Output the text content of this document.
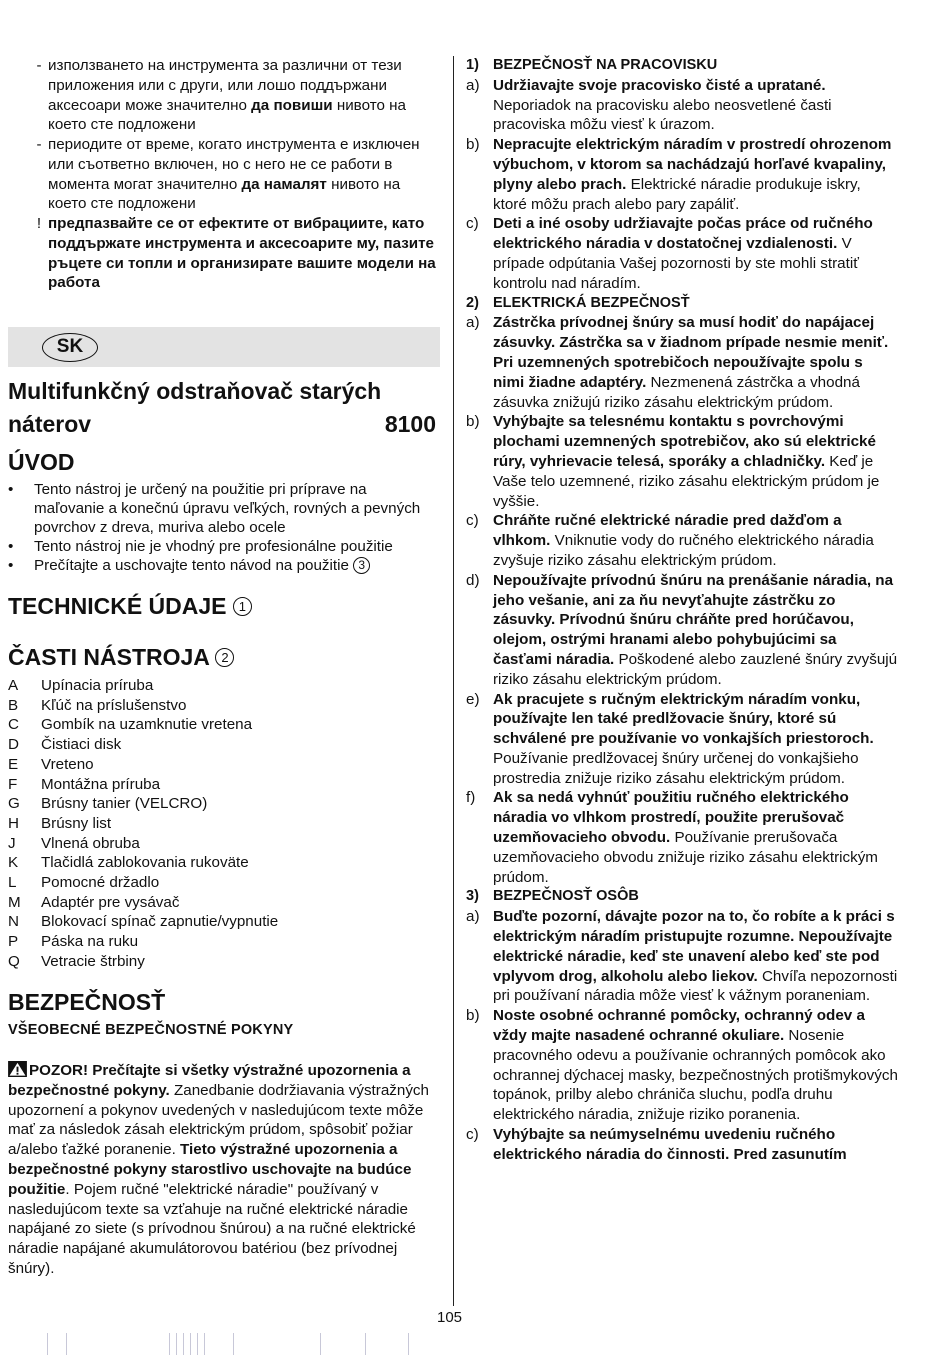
- използването на инструмента за различни от тези приложения или с други, или лошо поддържани аксесоари може значително да повиши нивото на което сте подложени
- периодите от време, когато инструмента е изключен или съответно включен, но с него не се работи в момента могат значително да намалят нивото на което сте подложени
! предпазвайте се от ефектите от вибрациите, като поддържате инструмента и аксесоарите му, пазите ръцете си топли и организирате вашите модели на работа
SK
Multifunkčný odstraňovač starých
náterov	8100
ÚVOD
•	Tento nástroj je určený na použitie pri príprave na maľovanie a konečnú úpravu veľkých, rovných a pevných povrchov z dreva, muriva alebo ocele
•	Tento nástroj nie je vhodný pre profesionálne použitie
•	Prečítajte a uschovajte tento návod na použitie 3
TECHNICKÉ ÚDAJE 1
ČASTI NÁSTROJA 2
A	Upínacia príruba
B	Kľúč na príslušenstvo
C	Gombík na uzamknutie vretena
D	Čistiaci disk
E	Vreteno
F	Montážna príruba
G	Brúsny tanier (VELCRO)
H	Brúsny list
J	Vlnená obruba
K	Tlačidlá zablokovania rukoväte
L	Pomocné držadlo
M	Adaptér pre vysávač
N	Blokovací spínač zapnutie/vypnutie
P	Páska na ruku
Q	Vetracie štrbiny
BEZPEČNOSŤ
VŠEOBECNÉ BEZPEČNOSTNÉ POKYNY
POZOR! Prečítajte si všetky výstražné upozornenia a bezpečnostné pokyny. Zanedbanie dodržiavania výstražných upozornení a pokynov uvedených v nasledujúcom texte môže mať za následok zásah elektrickým prúdom, spôsobiť požiar a/alebo ťažké poranenie. Tieto výstražné upozornenia a bezpečnostné pokyny starostlivo uschovajte na budúce použitie. Pojem ručné "elektrické náradie" používaný v nasledujúcom texte sa vzťahuje na ručné elektrické náradie napájané zo siete (s prívodnou šnúrou) a na ručné elektrické náradie napájané akumulátorovou batériou (bez prívodnej šnúry).
1) BEZPEČNOSŤ NA PRACOVISKU
a) Udržiavajte svoje pracovisko čisté a upratané. Neporiadok na pracovisku alebo neosvetlené časti pracoviska môžu viesť k úrazom.
b) Nepracujte elektrickým náradím v prostredí ohrozenom výbuchom, v ktorom sa nachádzajú horľavé kvapaliny, plyny alebo prach. Elektrické náradie produkuje iskry, ktoré môžu prach alebo pary zapáliť.
c) Deti a iné osoby udržiavajte počas práce od ručného elektrického náradia v dostatočnej vzdialenosti. V prípade odpútania Vašej pozornosti by ste mohli stratiť kontrolu nad náradím.
2) ELEKTRICKÁ BEZPEČNOSŤ
a) Zástrčka prívodnej šnúry sa musí hodiť do napájacej zásuvky. Zástrčka sa v žiadnom prípade nesmie meniť. Pri uzemnených spotrebičoch nepoužívajte spolu s nimi žiadne adaptéry. Nezmenená zástrčka a vhodná zásuvka znižujú riziko zásahu elektrickým prúdom.
b) Vyhýbajte sa telesnému kontaktu s povrchovými plochami uzemnených spotrebičov, ako sú elektrické rúry, vyhrievacie telesá, sporáky a chladničky. Keď je Vaše telo uzemnené, riziko zásahu elektrickým prúdom je vyššie.
c) Chráňte ručné elektrické náradie pred dažďom a vlhkom. Vniknutie vody do ručného elektrického náradia zvyšuje riziko zásahu elektrickým prúdom.
d) Nepoužívajte prívodnú šnúru na prenášanie náradia, na jeho vešanie, ani za ňu nevyťahujte zástrčku zo zásuvky. Prívodnú šnúru chráňte pred horúčavou, olejom, ostrými hranami alebo pohybujúcimi sa časťami náradia. Poškodené alebo zauzlené šnúry zvyšujú riziko zásahu elektrickým prúdom.
e) Ak pracujete s ručným elektrickým náradím vonku, používajte len také predlžovacie šnúry, ktoré sú schválené pre používanie vo vonkajších priestoroch. Používanie predlžovacej šnúry určenej do vonkajšieho prostredia znižuje riziko zásahu elektrickým prúdom.
f)	Ak sa nedá vyhnúť použitiu ručného elektrického náradia vo vlhkom prostredí, použite prerušovač uzemňovacieho obvodu. Používanie prerušovača uzemňovacieho obvodu znižuje riziko zásahu elektrickým prúdom.
3) BEZPEČNOSŤ OSÔB
a) Buďte pozorní, dávajte pozor na to, čo robíte a k práci s elektrickým náradím pristupujte rozumne. Nepoužívajte elektrické náradie, keď ste unavení alebo keď ste pod vplyvom drog, alkoholu alebo liekov. Chvíľa nepozornosti pri používaní náradia môže viesť k vážnym poraneniam.
b) Noste osobné ochranné pomôcky, ochranný odev a vždy majte nasadené ochranné okuliare. Nosenie pracovného odevu a používanie ochranných pomôcok ako ochrannej dýchacej masky, bezpečnostných protišmykových topánok, prilby alebo chrániča sluchu, podľa druhu elektrického náradia, znižuje riziko poranenia.
c) Vyhýbajte sa neúmyselnému uvedeniu ručného elektrického náradia do činnosti. Pred zasunutím
105
